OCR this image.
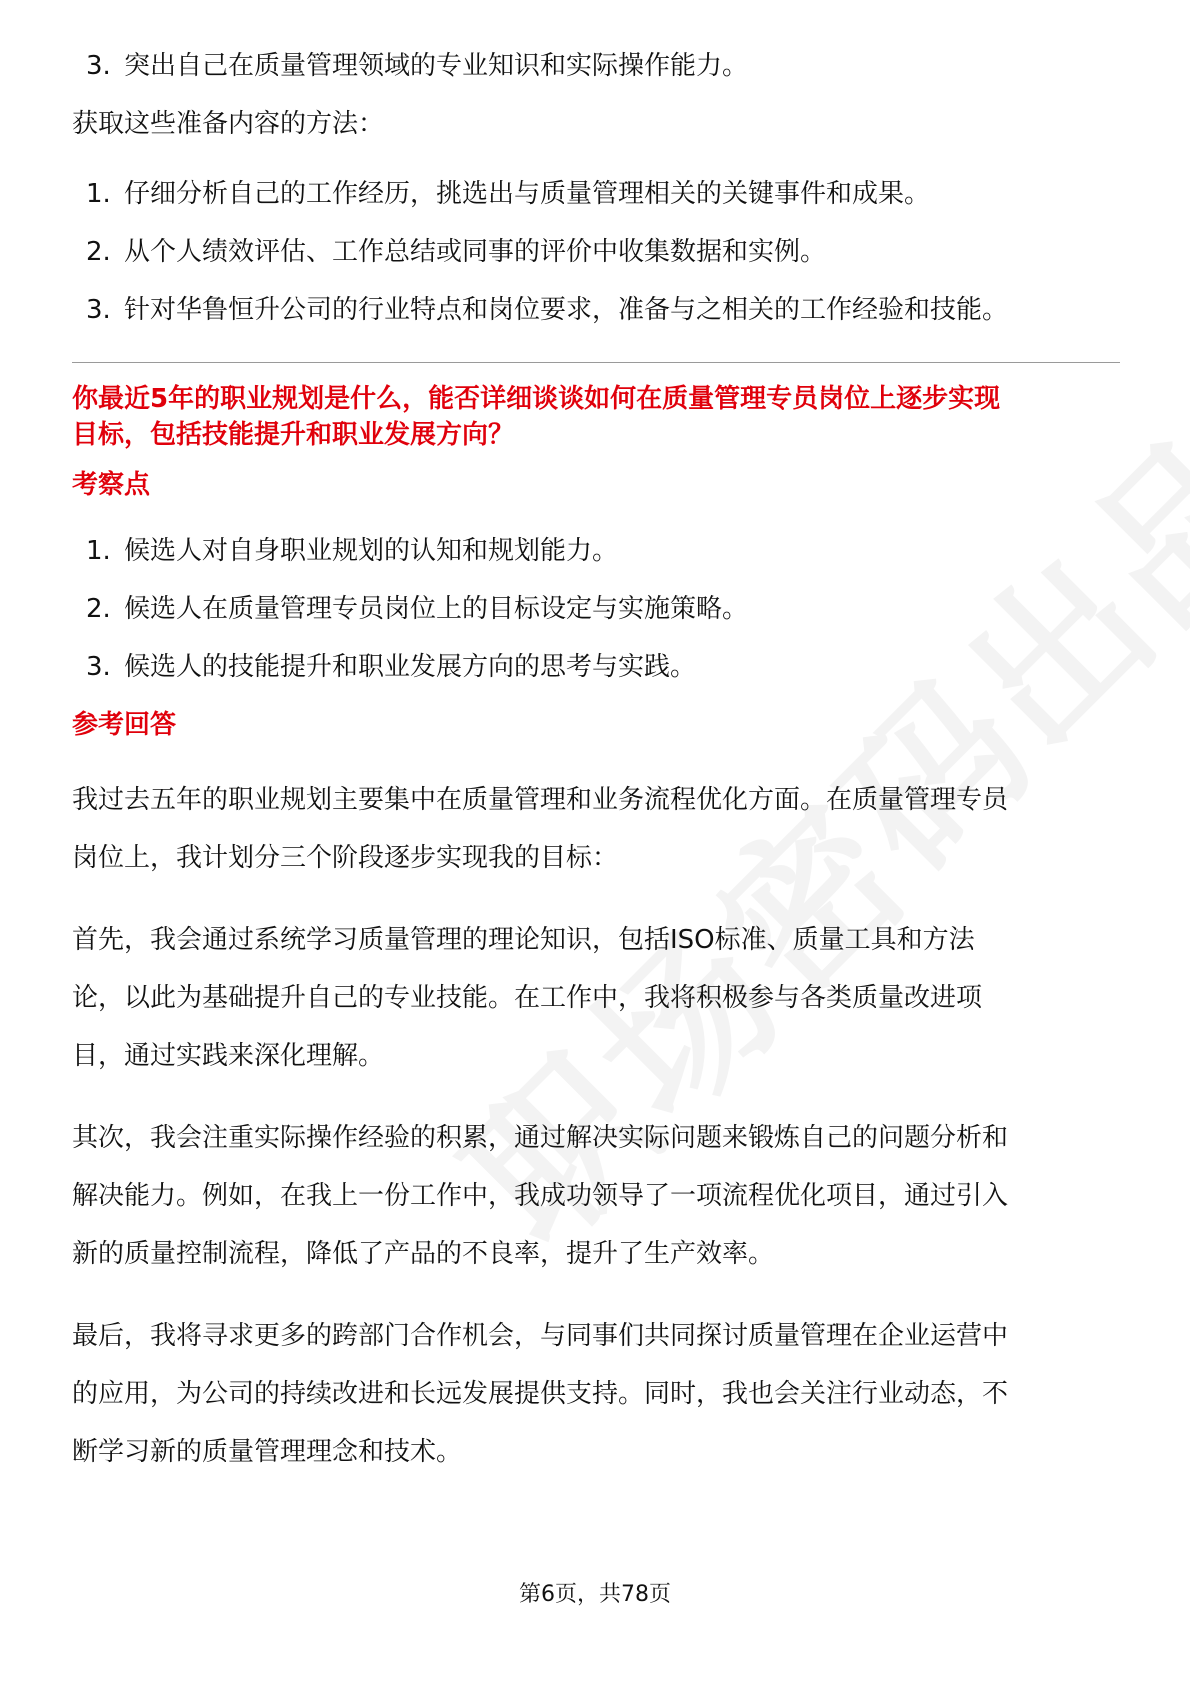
3. 突出自己在质量管理领域的专业知识和实际操作能力。

获取这些准备内容的方法：

1. 仔细分析自己的工作经历，挑选出与质量管理相关的关键事件和成果。
2. 从个人绩效评估、工作总结或同事的评价中收集数据和实例。
3. 针对华鲁恒升公司的行业特点和岗位要求，准备与之相关的工作经验和技能。

你最近5年的职业规划是什么，能否详细谈谈如何在质量管理专员岗位上逐步实现

目标，包括技能提升和职业发展方向？

考察点

1. 候选人对自身职业规划的认知和规划能力。
2. 候选人在质量管理专员岗位上的目标设定与实施策略。
3. 候选人的技能提升和职业发展方向的思考与实践。

参考回答

我过去五年的职业规划主要集中在质量管理和业务流程优化方面。在质量管理专员

岗位上，我计划分三个阶段逐步实现我的目标：

首先，我会通过系统学习质量管理的理论知识，包括ISO标准、质量工具和方法

论，以此为基础提升自己的专业技能。在工作中，我将积极参与各类质量改进项

目，通过实践来深化理解。

其次，我会注重实际操作经验的积累，通过解决实际问题来锻炼自己的问题分析和

解决能力。例如，在我上一份工作中，我成功领导了一项流程优化项目，通过引入

新的质量控制流程，降低了产品的不良率，提升了生产效率。

最后，我将寻求更多的跨部门合作机会，与同事们共同探讨质量管理在企业运营中

的应用，为公司的持续改进和长远发展提供支持。同时，我也会关注行业动态，不

断学习新的质量管理理念和技术。

第6页，共78页
